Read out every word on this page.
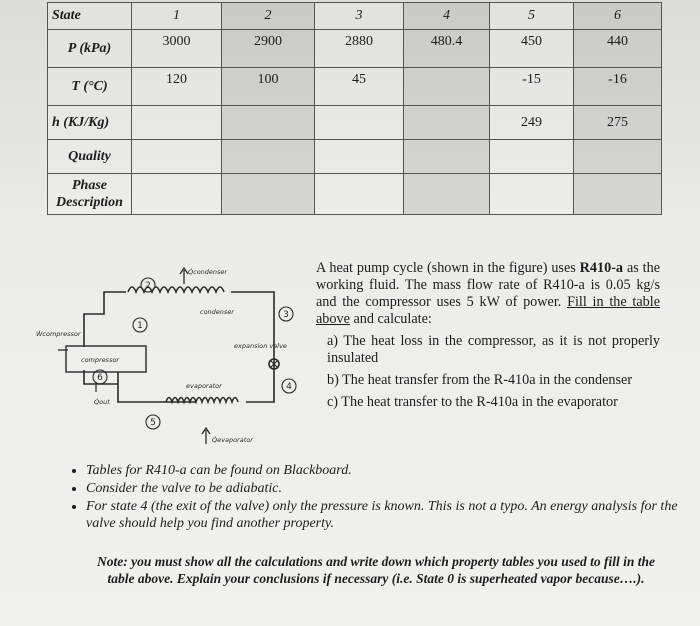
State	1	2	3	4	5	6
P (kPa)	3000	2900	2880	480.4	450	440
T (°C)	120	100	45		-15	-16
h (KJ/Kg)					249	275
Quality						
Phase Description						
2
3
1
6
4
5
Q̇condenser
condenser
Ẇcompressor
compressor
Q̇out
expansion valve
evaporator
Q̇evaporator

A heat pump cycle (shown in the figure) uses R410-a as the working fluid. The mass flow rate of R410-a is 0.05 kg/s and the compressor uses 5 kW of power. Fill in the table above and calculate:

a) The heat loss in the compressor, as it is not properly insulated

b) The heat transfer from the R-410a in the condenser

c) The heat transfer to the R-410a in the evaporator

• Tables for R410-a can be found on Blackboard.
• Consider the valve to be adiabatic.
• For state 4 (the exit of the valve) only the pressure is known. This is not a typo. An energy analysis for the valve should help you find another property.
Note: you must show all the calculations and write down which property tables you used to fill in the table above. Explain your conclusions if necessary (i.e. State 0 is superheated vapor because….).
